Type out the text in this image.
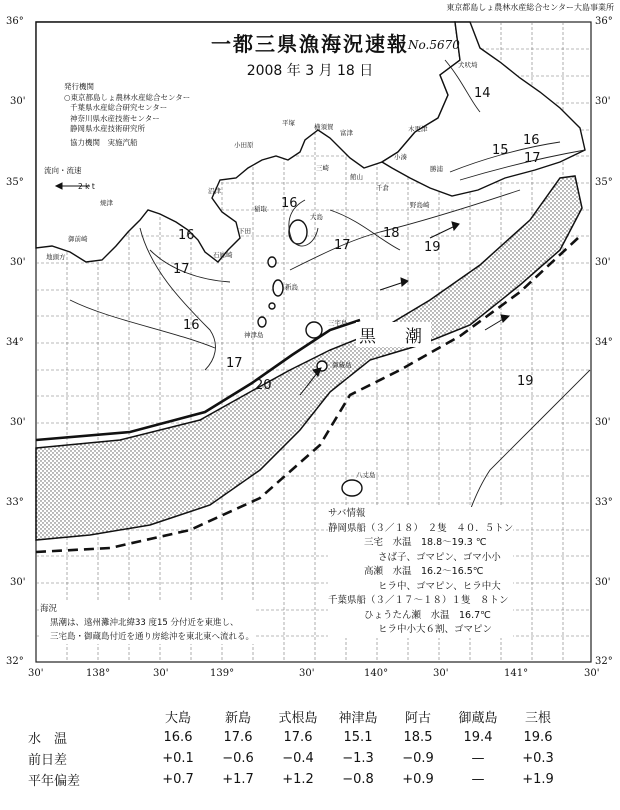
東京都島しょ農林水産総合センター大島事業所
一都三県漁海況速報 No.5670
2008 年 3 月 18 日
発行機関
○東京都島しょ農林水産総合センター
千葉県水産総合研究センター
神奈川県水産技術センター
静岡県水産技術研究所
協力機関　実施汽船
流向・流速
2 k t
36°	36°
30'	30'
35°	35°
30'	30'
34°	34°
30'	30'
33°	33°
30'	30'
32°	32°
30'	138°	30'	139°	30'	140°	30'	141°	30'
14
15
16
17
16
17
16
17
18
19
17
20	19
16
黒　潮
犬吠埼
平塚	横須賀
富津
小田原
三崎
館山
木更津
小湊
勝浦
千倉
沼津
下田
大島
稲取
新島
焼津
御前崎
石廊崎
三宅島
御蔵島
八丈島
神津島
地頭方
野島崎
サバ情報
静岡県船（３／１８）　２隻　４０．５トン
三宅　水温　18.8～19.3 ℃
さば子、ゴマピン、ゴマ小小
高瀬　水温　16.2～16.5℃
ヒラ中、ゴマピン、ヒラ中大
千葉県船（３／１７～１８）１隻　８トン
ひょうたん瀬　水温　16.7℃
ヒラ中小大６割、ゴマピン
海況
黒潮は、遠州灘沖北緯33 度15 分付近を東進し、
三宅島・御蔵島付近を通り房総沖を東北東へ流れる。
	大島	新島	式根島	神津島	阿古	御蔵島	三根
水　温	16.6	17.6	17.6	15.1	18.5	19.4	19.6
前日差	+0.1	−0.6	−0.4	−1.3	−0.9	—	+0.3
平年偏差	+0.7	+1.7	+1.2	−0.8	+0.9	—	+1.9
